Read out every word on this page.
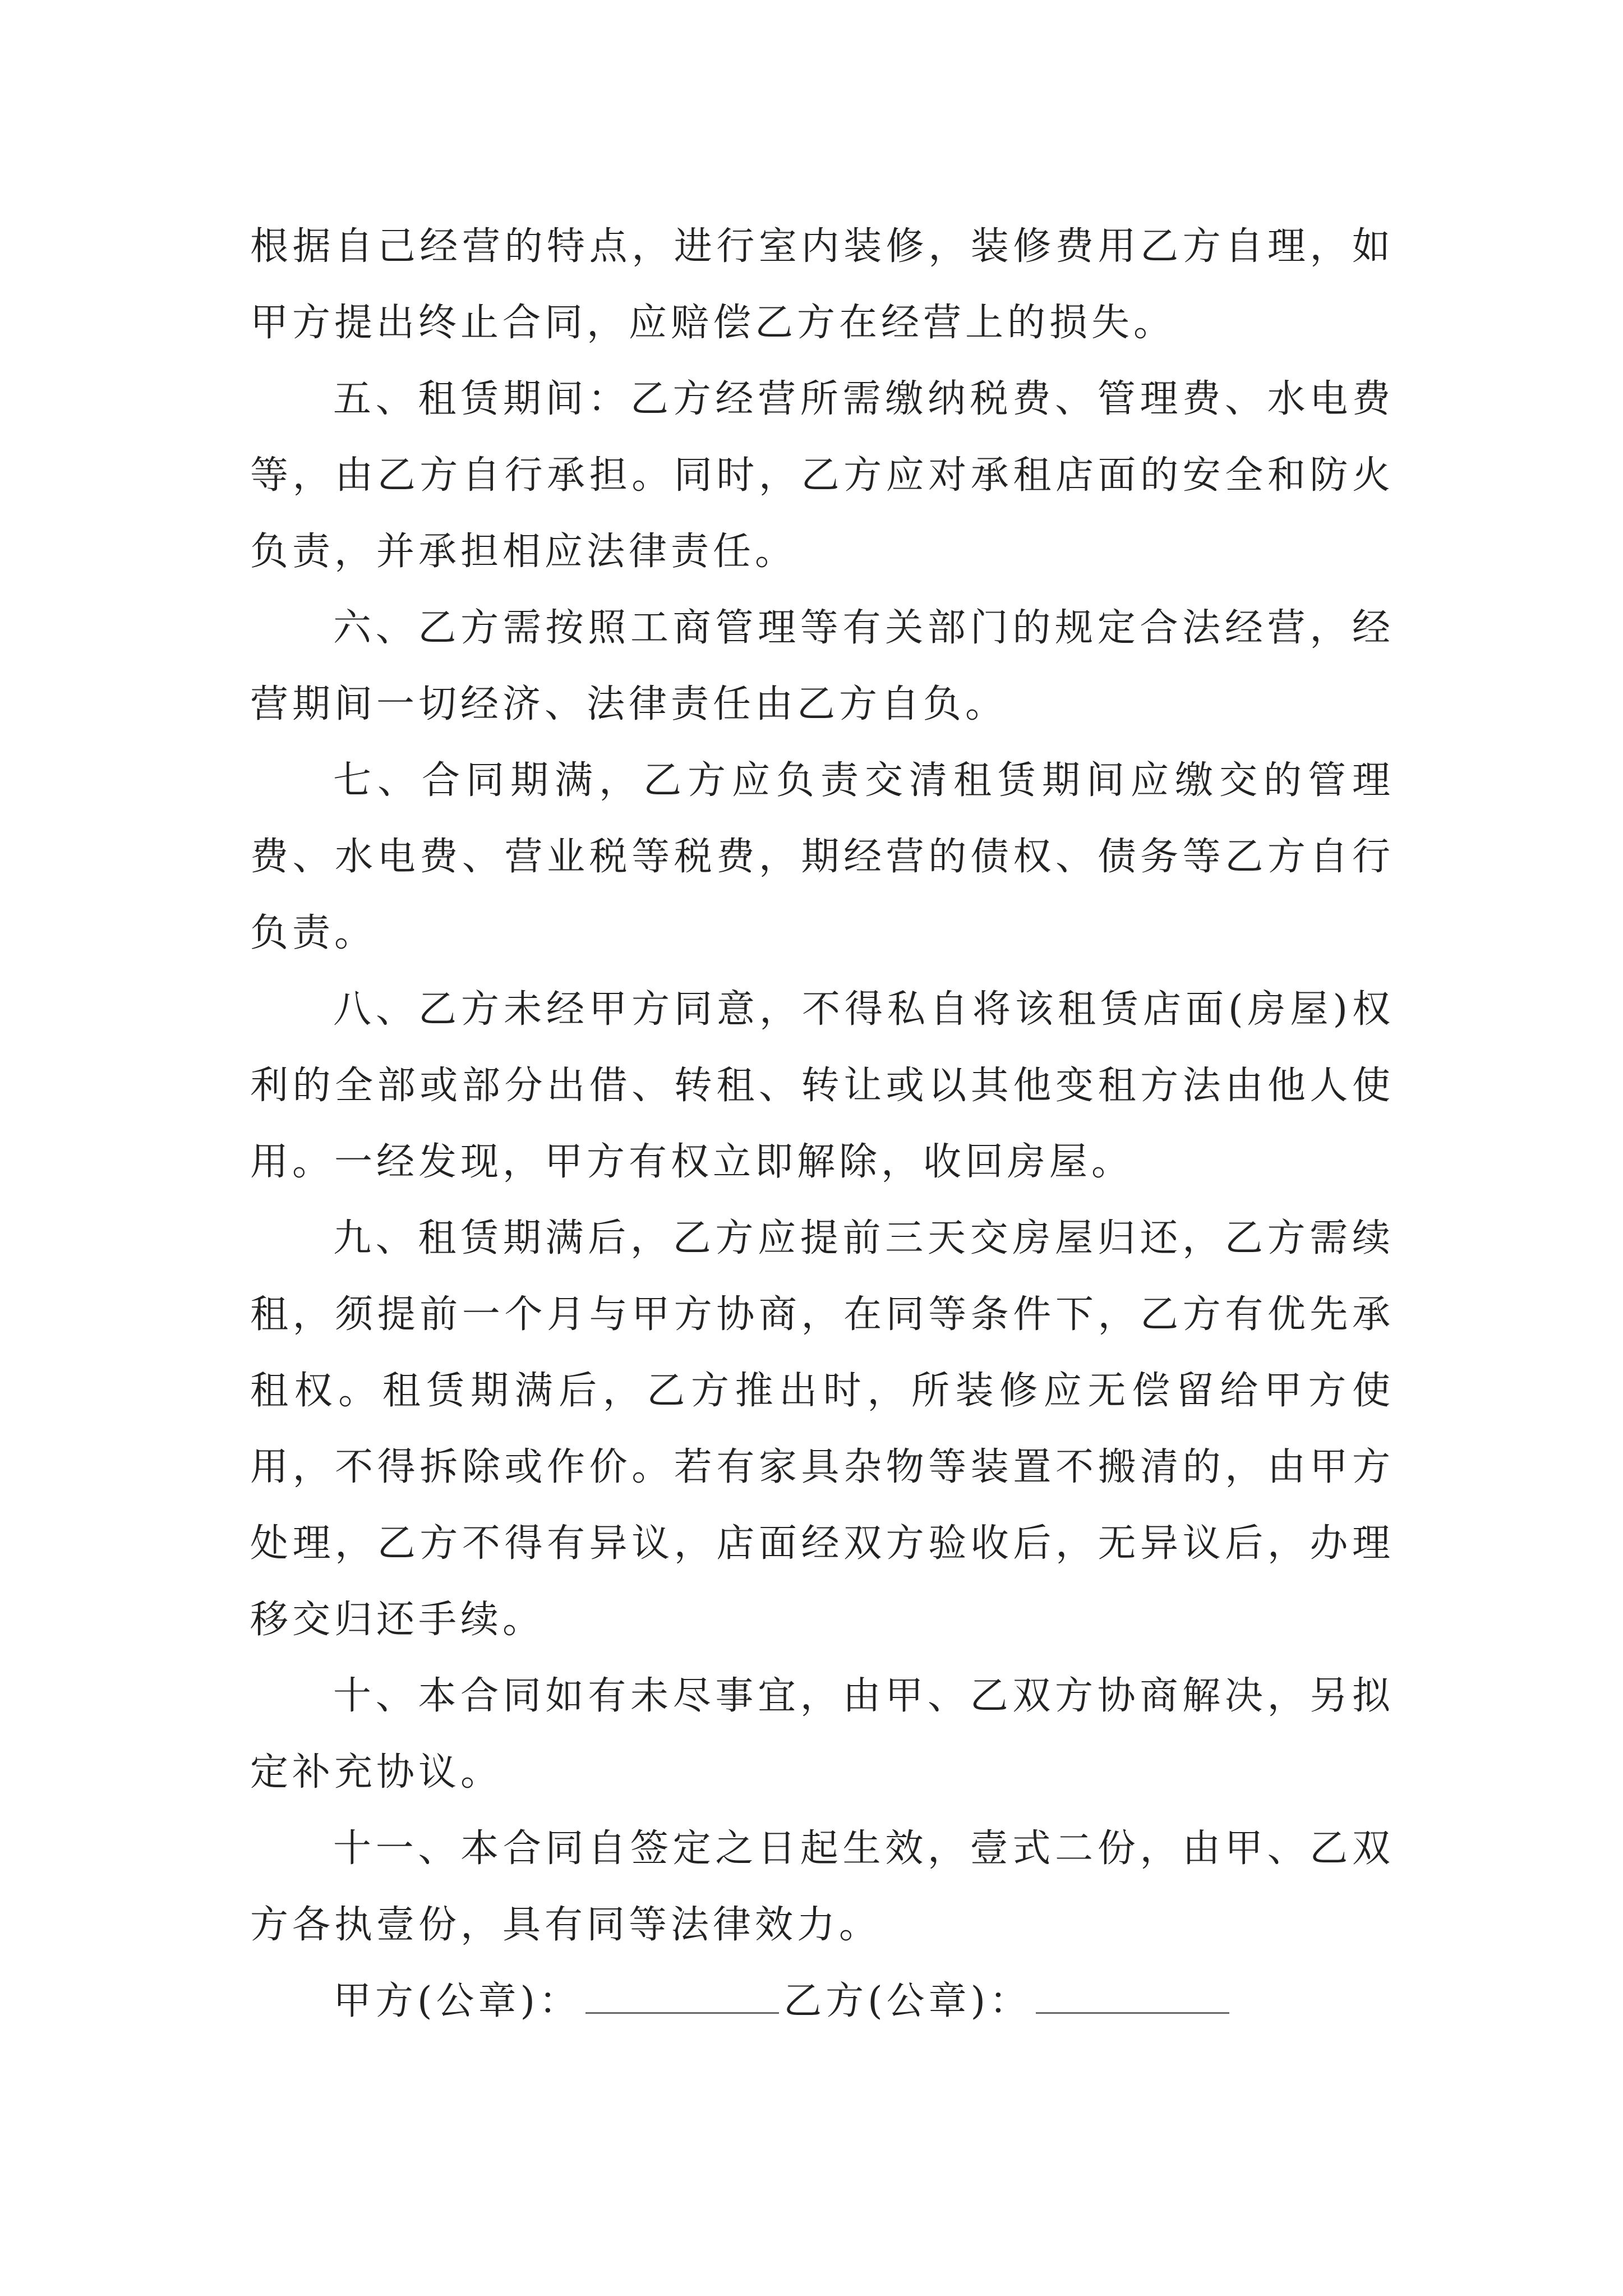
根据自己经营的特点，进行室内装修，装修费用乙方自理，如甲方提出终止合同，应赔偿乙方在经营上的损失。

五、租赁期间：乙方经营所需缴纳税费、管理费、水电费等，由乙方自行承担。同时，乙方应对承租店面的安全和防火负责，并承担相应法律责任。

六、乙方需按照工商管理等有关部门的规定合法经营，经营期间一切经济、法律责任由乙方自负。

七、合同期满，乙方应负责交清租赁期间应缴交的管理费、水电费、营业税等税费，期经营的债权、债务等乙方自行负责。

八、乙方未经甲方同意，不得私自将该租赁店面(房屋)权利的全部或部分出借、转租、转让或以其他变租方法由他人使用。一经发现，甲方有权立即解除，收回房屋。

九、租赁期满后，乙方应提前三天交房屋归还，乙方需续租，须提前一个月与甲方协商，在同等条件下，乙方有优先承租权。租赁期满后，乙方推出时，所装修应无偿留给甲方使用，不得拆除或作价。若有家具杂物等装置不搬清的，由甲方处理，乙方不得有异议，店面经双方验收后，无异议后，办理移交归还手续。

十、本合同如有未尽事宜，由甲、乙双方协商解决，另拟定补充协议。

十一、本合同自签定之日起生效，壹式二份，由甲、乙双方各执壹份，具有同等法律效力。

甲方(公章)：	乙方(公章)：
